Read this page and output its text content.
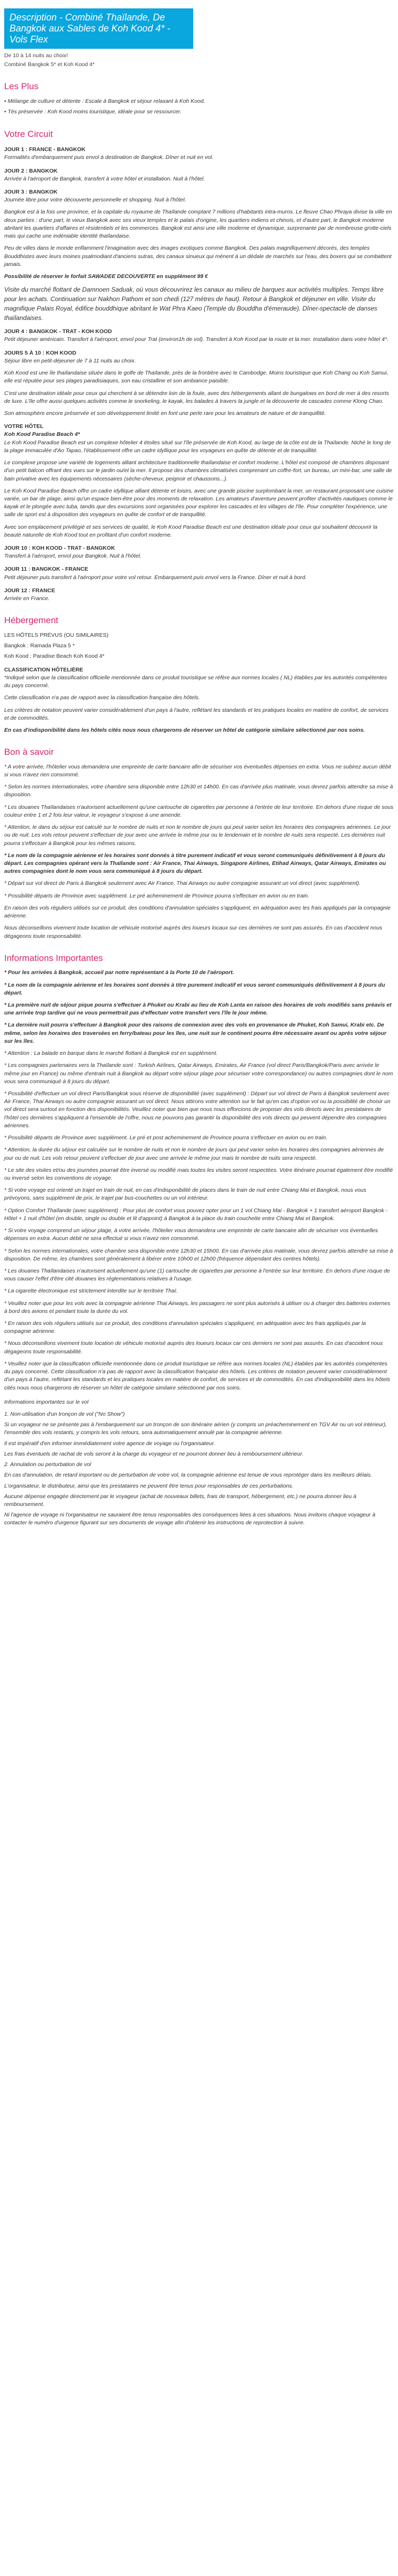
Description - Combiné Thaïlande, De Bangkok aux Sables de Koh Kood 4* - Vols Flex
De 10 à 14 nuits au choix!
Combiné Bangkok 5* et Koh Kood 4*
Les Plus
• Mélange de culture et détente : Escale à Bangkok et séjour relaxant à Koh Kood.
• Tès préservée : Koh Kood moins touristique, idéale pour se ressourcer.
Votre Circuit
JOUR 1 : FRANCE - BANGKOK
Formalités d'embarquement puis envol à destination de Bangkok. Dîner et nuit en vol.
JOUR 2 : BANGKOK
Arrivée à l'aéroport de Bangkok, transfert à votre hôtel et installation. Nuit à l'hôtel.
JOUR 3 : BANGKOK
Journée libre pour votre découverte personnelle et shopping. Nuit à l'hôtel.
Bangkok est à la fois une province, et la capitale du royaume de Thaïlande comptant 7 millions d'habitants intra-muros. Le fleuve Chao Phraya divise la ville en deux parties : d'une part, le vieux Bangkok avec ses vieux temples et le palais d'origine, les quartiers indiens et chinois, et d'autre part, le Bangkok moderne abritant les quartiers d'affaires et résidentiels et les commerces. Bangkok est ainsi une ville moderne et dynamique, surprenante par de nombreuse grotte-ciels mais qui cache une indéniable identité thaïlandaise.
Peu de villes dans le monde enflamment l'imagination avec des images exotiques comme Bangkok. Des palais magnifiquement décorés, des temples Bouddhistes avec leurs moines psalmodiant d'anciens sutras, des canaux sinueux qui mènent à un dédale de marchés sur l'eau, des boxers qui se combattent jamais.
Possibilité de réserver le forfait SAWADEE DECOUVERTE en supplément 99 €
Visite du marché flottant de Damnoen Saduak, où vous découvrirez les canaux au milieu de barques aux activités multiples. Temps libre pour les achats. Continuation sur Nakhon Pathom et son chedi (127 mètres de haut). Retour à Bangkok et déjeuner en ville. Visite du magnifique Palais Royal, édifice bouddhique abritant le Wat Phra Kaeo (Temple du Bouddha d'émeraude). Dîner-spectacle de danses thaïlandaises.
JOUR 4 : BANGKOK - TRAT - KOH KOOD
Petit déjeuner américain. Transfert à l'aéroport, envol pour Trat (environ1h de vol). Transfert à Koh Kood par la route et la mer. Installation dans votre hôtel 4*.
JOURS 5 À 10 : KOH KOOD
Séjour libre en petit-déjeuner de 7 à 11 nuits au choix.
Koh Kood est une île thaïlandaise située dans le golfe de Thaïlande, près de la frontière avec le Cambodge. Moins touristique que Koh Chang ou Koh Samui, elle est réputée pour ses plages paradisiaques, son eau cristalline et son ambiance paisible.
C'est une destination idéale pour ceux qui cherchent à se détendre loin de la foule, avec des hébergements allant de bungalows en bord de mer à des resorts de luxe. L'île offre aussi quelques activités comme le snorkeling, le kayak, les balades à travers la jungle et la découverte de cascades comme Klong Chao.
Son atmosphère encore préservée et son développement limité en font une perle rare pour les amateurs de nature et de tranquillité.
VOTRE HÔTEL
Koh Kood Paradise Beach 4*
Le Koh Kood Paradise Beach est un complexe hôtelier 4 étoiles situé sur l'île préservée de Koh Kood, au large de la côte est de la Thaïlande. Niché le long de la plage immaculée d'Ao Tapao, l'établissement offre un cadre idyllique pour les voyageurs en quête de détente et de tranquillité.
Le complexe propose une variété de logements alliant architecture traditionnelle thaïlandaise et confort moderne. L'hôtel est composé de chambres disposant d'un petit balcon offrant des vues sur le jardin ou/et la mer. Il propose des chambres climatisées comprenant un coffre-fort, un bureau, un mini-bar, une salle de bain privative avec les équipements nécessaires (sèche-cheveux, peignoir et chaussons...).
Le Koh Kood Paradise Beach offre un cadre idyllique alliant détente et loisirs, avec une grande piscine surplombant la mer, un restaurant proposant une cuisine variée, un bar de plage, ainsi qu'un espace bien-être pour des moments de relaxation. Les amateurs d'aventure peuvent profiter d'activités nautiques comme le kayak et le plongée avec tuba, tandis que des excursions sont organisées pour explorer les cascades et les villages de l'île. Pour compléter l'expérience, une salle de sport est à disposition des voyageurs en quête de confort et de tranquillité.
Avec son emplacement privilégié et ses services de qualité, le Koh Kood Paradise Beach est une destination idéale pour ceux qui souhaitent découvrir la beauté naturelle de Koh Kood tout en profitant d'un confort moderne.
JOUR 10 : KOH KOOD - TRAT - BANGKOK
Transfert à l'aéroport, envol pour Bangkok. Nuit à l'hôtel.
JOUR 11 : BANGKOK - FRANCE
Petit déjeuner puis transfert à l'aéroport pour votre vol retour. Embarquement puis envol vers la France. Dîner et nuit à bord.
JOUR 12 : FRANCE
Arrivée en France.
Hébergement
LES HÔTELS PRÉVUS (OU SIMILAIRES)
Bangkok : Ramada Plaza 5 *
Koh Kood : Paradise Beach Koh Kood 4*
CLASSIFICATION HÔTELIÈRE
*Indiqué selon que la classification officielle mentionnée dans ce produit touristique se réfère aux normes locales ( NL) établies par les autorités compétentes du pays concerné.
Cette classification n'a pas de rapport avec la classification française des hôtels.
Les critères de notation peuvent varier considérablement d'un pays à l'autre, reflétant les standards et les pratiques locales en matière de confort, de services et de commodités.
En cas d'indisponibilité dans les hôtels cités nous nous chargerons de réserver un hôtel de catégorie similaire sélectionné par nos soins.
Bon à savoir
* A votre arrivée, l'hôtelier vous demandera une empreinte de carte bancaire afin de sécuriser vos éventuelles dépenses en extra. Vous ne subirez aucun débit si vous n'avez rien consommé.
* Selon les normes internationales, votre chambre sera disponible entre 12h30 et 14h00. En cas d'arrivée plus matinale, vous devrez parfois attendre sa mise à disposition.
* Les douanes Thaïlandaises n'autorisent actuellement qu'une cartouche de cigarettes par personne à l'entrée de leur territoire. En dehors d'une risque de sous couleur entre 1 et 2 fois leur valeur, le voyageur s'expose à une amende.
* Attention, le dans du séjour est calculé sur le nombre de nuits et non le nombre de jours qui peut varier selon les horaires des compagnies aériennes. Le jour ou de nuit. Les vols retour peuvent s'effectuer de jour avec une arrivée le même jour ou le lendemain et le nombre de nuits sera respecté. Les dernières nuit pourra s'effectuer à Bangkok pour les mêmes raisons.
* Le nom de la compagnie aérienne et les horaires sont donnés à titre purement indicatif et vous seront communiqués définitivement à 8 jours du départ. Les compagnies opérant vers la Thaïlande sont : Air France, Thai Airways, Singapore Airlines, Etihad Airways, Qatar Airways, Emirates ou autres compagnies dont le nom vous sera communiqué à 8 jours du départ.
* Départ sur vol direct de Paris à Bangkok seulement avec Air France, Thai Airways ou autre compagnie assurant un vol direct (avec supplément).
* Possibilité départs de Province avec supplément. Le pré acheminement de Province pourra s'effectuer en avion ou en train.
En raison des vols réguliers utilisés sur ce produit, des conditions d'annulation spéciales s'appliquent, en adéquation avec les frais appliqués par la compagnie aérienne.
Nous déconseillons vivement toute location de véhicule motorisé auprès des loueurs locaux sur ces dernières ne sont pas assurés. En cas d'accident nous dégageons toute responsabilité.
Informations Importantes
* Pour les arrivées à Bangkok, accueil par notre représentant à la Porte 10 de l'aéroport.
* Le nom de la compagnie aérienne et les horaires sont donnés à titre purement indicatif et vous seront communiqués définitivement à 8 jours du départ.
* La première nuit de séjour pique pourra s'effectuer à Phuket ou Krabi au lieu de Koh Lanta en raison des horaires de vols modifiés sans préavis et une arrivée trop tardive qui ne vous permettrait pas d'effectuer votre transfert vers l'île le jour même.
* La dernière nuit pourra s'effectuer à Bangkok pour des raisons de connexion avec des vols en provenance de Phuket, Koh Samui, Krabi etc. De même, selon les horaires des traversées en ferry/bateau pour les îles, une nuit sur le continent pourra être nécessaire avant ou après votre séjour sur les îles.
* Attention : La balade en barque dans le marché flottant à Bangkok est en supplément.
* Les compagnies partenaires vers la Thaïlande sont : Turkish Airlines, Qatar Airways, Emirates, Air France (vol direct Paris/Bangkok/Paris avec arrivée le même jour en France) ou même d'entrain nuit à Bangkok au départ votre séjour plage pour sécuriser votre correspondance) ou autres compagnies dont le nom vous sera communiqué à 8 jours du départ.
* Possibilité d'effectuer un vol direct Paris/Bangkok sous réserve de disponibilité (avec supplément) : Départ sur vol direct de Paris à Bangkok seulement avec Air France, Thai Airways ou autre compagnie assurant un vol direct. Nous attirons votre attention sur le fait qu'en cas d'option vol ou la possibilité de choisir un vol direct sera surtout en fonction des disponibilités. Veuillez noter que bien que nous nous efforcions de proposer des vols directs avec les prestataires de l'hôtel ces dernières s'appliquent à l'ensemble de l'offre, nous ne pouvons pas garantir la disponibilité des vols directs qui peuvent dépendre des compagnies aériennes.
* Possibilité départs de Province avec supplément. Le pré et post acheminement de Province pourra s'effectuer en avion ou en train.
* Attention, la durée du séjour est calculée sur le nombre de nuits et non le nombre de jours qui peut varier selon les horaires des compagnies aériennes de jour ou de nuit. Les vols retour peuvent s'effectuer de jour avec une arrivée le même jour mais le nombre de nuits sera respecté.
* Le site des visites et/ou des journées pourrait être inversé ou modifié mais toutes les visites seront respectées. Votre itinéraire pourrait également être modifié ou inversé selon les conventions de voyage.
* Si votre voyage est orienté un trajet en train de nuit, en cas d'indisponibilité de places dans le train de nuit entre Chiang Mai et Bangkok, nous vous prévoyons, sans supplément de prix, le trajet par bus-couchettes ou un vol intérieur.
* Option Comfort Thaïlande (avec supplément) : Pour plus de confort vous pouvez opter pour un 1 vol Chiang Mai - Bangkok + 1 transfert aéroport Bangkok -Hôtel + 1 nuit d'hôtel (en double, single ou double et lit d'appoint) à Bangkok à la place du train couchette entre Chiang Mai et Bangkok.
* Si votre voyage comprend un séjour plage, à votre arrivée, l'hôtelier vous demandera une empreinte de carte bancaire afin de sécuriser vos éventuelles dépenses en extra. Aucun débit ne sera effectué si vous n'avez rien consommé.
* Selon les normes internationales, votre chambre sera disponible entre 12h30 et 15h00. En cas d'arrivée plus matinale, vous devrez parfois attendre sa mise à disposition. De même, les chambres sont généralement à libérer entre 10h00 et 12h00 (fréquence dépendant des centres hôtels).
* Les douanes Thaïlandaises n'autorisent actuellement qu'une (1) cartouche de cigarettes par personne à l'entrée sur leur territoire. En dehors d'une risque de vous causer l'effet d'être cité douanes les réglementations relatives à l'usage.
* La cigarette électronique est strictement interdite sur le territoire Thaï.
* Veuillez noter que pour les vols avec la compagnie aérienne Thai Airways, les passagers ne sont plus autorisés à utiliser ou à charger des batteries externes à bord des avions et pendant toute la durée du vol.
* En raison des vols réguliers utilisés sur ce produit, des conditions d'annulation spéciales s'appliquent, en adéquation avec les frais appliqués par la compagnie aérienne.
* Nous déconseillons vivement toute location de véhicule motorisé auprès des loueurs locaux car ces derniers ne sont pas assurés. En cas d'accident nous dégageons toute responsabilité.
* Veuillez noter que la classification officielle mentionnée dans ce produit touristique se réfère aux normes locales (NL) établies par les autorités compétentes du pays concerné. Cette classification n'a pas de rapport avec la classification française des hôtels. Les critères de notation peuvent varier considérablement d'un pays à l'autre, reflétant les standards et les pratiques locales en matière de confort, de services et de commodités. En cas d'indisponibilité dans les hôtels cités nous nous chargerons de réserver un hôtel de catégorie similaire sélectionné par nos soins.
Informations importantes sur le vol
1. Non-utilisation d'un tronçon de vol ("No Show")
Si un voyageur ne se présente pas à l'embarquement sur un tronçon de son itinéraire aérien (y compris un préacheminement en TGV Air ou un vol intérieur), l'ensemble des vols restants, y compris les vols retours, sera automatiquement annulé par la compagnie aérienne.
Il est impératif d'en informer immédiatement votre agence de voyage ou l'organisateur.
Les frais éventuels de rachat de vols seront à la charge du voyageur et ne pourront donner lieu à remboursement ultérieur.
2. Annulation ou perturbation de vol
En cas d'annulation, de retard important ou de perturbation de votre vol, la compagnie aérienne est tenue de vous reprotéger dans les meilleurs délais.
L'organisateur, le distributeur, ainsi que les prestataires ne peuvent être tenus pour responsables de ces perturbations.
Aucune dépense engagée directement par le voyageur (achat de nouveaux billets, frais de transport, hébergement, etc.) ne pourra donner lieu à remboursement.
Ni l'agence de voyage ni l'organisateur ne sauraient être tenus responsables des conséquences liées à ces situations. Nous invitons chaque voyageur à contacter le numéro d'urgence figurant sur ses documents de voyage afin d'obtenir les instructions de reprotection à suivre.
